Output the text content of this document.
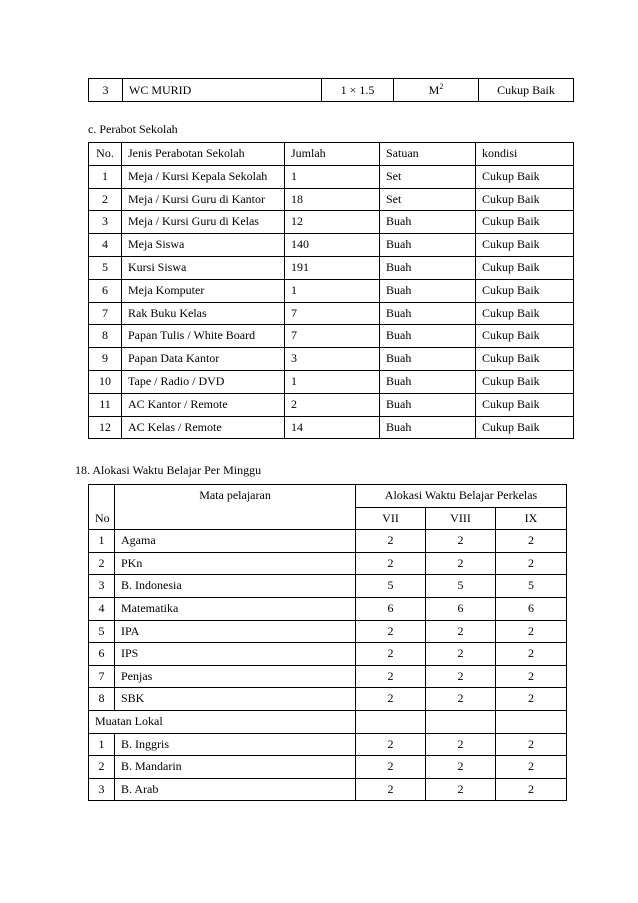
3	WC MURID	1 × 1.5	$M^2$	Cukup Baik
c. Perabot Sekolah
No.	Jenis Perabotan Sekolah	Jumlah	Satuan	kondisi
1	Meja / Kursi Kepala Sekolah	1	Set	Cukup Baik
2	Meja / Kursi Guru di Kantor	18	Set	Cukup Baik
3	Meja / Kursi Guru di Kelas	12	Buah	Cukup Baik
4	Meja Siswa	140	Buah	Cukup Baik
5	Kursi Siswa	191	Buah	Cukup Baik
6	Meja Komputer	1	Buah	Cukup Baik
7	Rak Buku Kelas	7	Buah	Cukup Baik
8	Papan Tulis / White Board	7	Buah	Cukup Baik
9	Papan Data Kantor	3	Buah	Cukup Baik
10	Tape / Radio / DVD	1	Buah	Cukup Baik
11	AC Kantor / Remote	2	Buah	Cukup Baik
12	AC Kelas / Remote	14	Buah	Cukup Baik
18. Alokasi Waktu Belajar Per Minggu
No	Mata pelajaran	Alokasi Waktu Belajar Perkelas		
		VII	VIII	IX
1	Agama	2	2	2
2	PKn	2	2	2
3	B. Indonesia	5	5	5
4	Matematika	6	6	6
5	IPA	2	2	2
6	IPS	2	2	2
7	Penjas	2	2	2
8	SBK	2	2	2
Muatan Lokal				
1	B. Inggris	2	2	2
2	B. Mandarin	2	2	2
3	B. Arab	2	2	2
